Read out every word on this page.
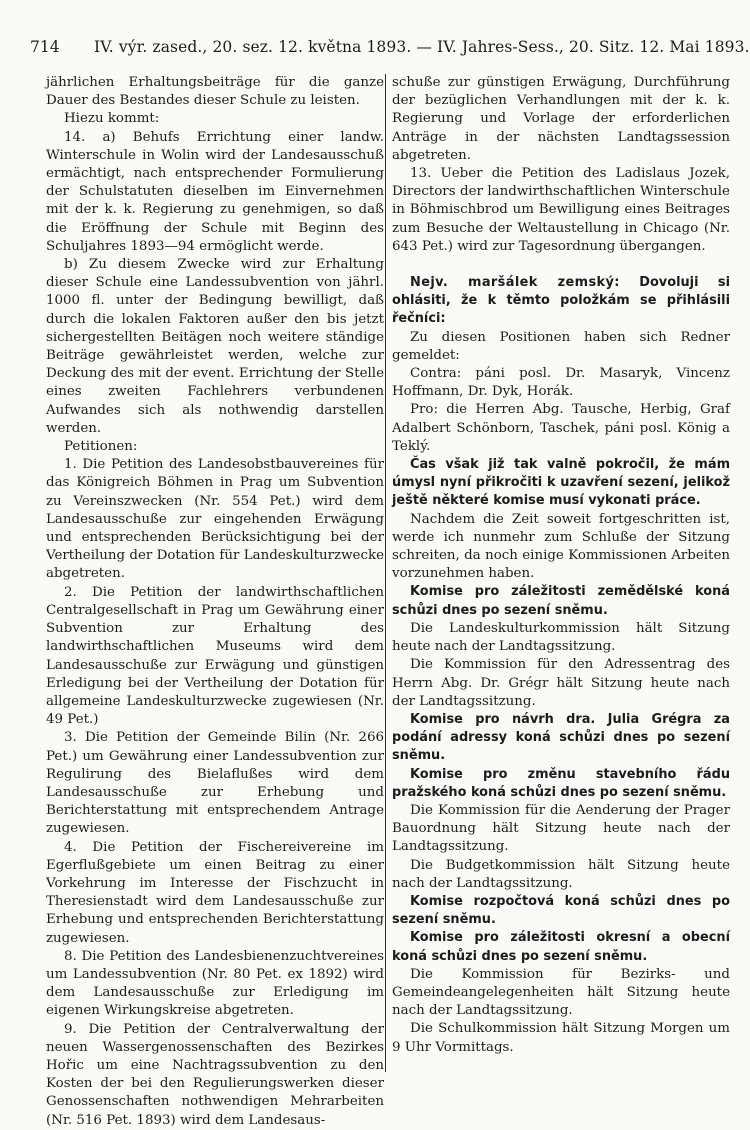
714 IV. výr. zased., 20. sez. 12. května 1893. — IV. Jahres-Sess., 20. Sitz. 12. Mai 1893.

jährlichen Erhaltungsbeiträge für die ganze Dauer des Bestandes dieser Schule zu leisten.

Hiezu kommt:

14. a) Behufs Errichtung einer landw. Winterschule in Wolin wird der Landesausschuß ermächtigt, nach entsprechender Formulierung der Schulstatuten dieselben im Einvernehmen mit der k. k. Regierung zu genehmigen, so daß die Eröffnung der Schule mit Beginn des Schuljahres 1893—94 ermöglicht werde.

b) Zu diesem Zwecke wird zur Erhaltung dieser Schule eine Landessubvention von jährl. 1000 fl. unter der Bedingung bewilligt, daß durch die lokalen Faktoren außer den bis jetzt sichergestellten Beitägen noch weitere ständige Beiträge gewährleistet werden, welche zur Deckung des mit der event. Errichtung der Stelle eines zweiten Fachlehrers verbundenen Aufwandes sich als nothwendig darstellen werden.

Petitionen:

1. Die Petition des Landesobstbauvereines für das Königreich Böhmen in Prag um Subvention zu Vereinszwecken (Nr. 554 Pet.) wird dem Landesausschuße zur eingehenden Erwägung und entsprechenden Berücksichtigung bei der Vertheilung der Dotation für Landeskulturzwecke abgetreten.

2. Die Petition der landwirthschaftlichen Centralgesellschaft in Prag um Gewährung einer Subvention zur Erhaltung des landwirthschaftlichen Museums wird dem Landesausschuße zur Erwägung und günstigen Erledigung bei der Vertheilung der Dotation für allgemeine Landeskulturzwecke zugewiesen (Nr. 49 Pet.)

3. Die Petition der Gemeinde Bilin (Nr. 266 Pet.) um Gewährung einer Landessubvention zur Regulirung des Bielaflußes wird dem Landesausschuße zur Erhebung und Berichterstattung mit entsprechendem Antrage zugewiesen.

4. Die Petition der Fischereivereine im Egerflußgebiete um einen Beitrag zu einer Vorkehrung im Interesse der Fischzucht in Theresienstadt wird dem Landesausschuße zur Erhebung und entsprechenden Berichterstattung zugewiesen.

8. Die Petition des Landesbienenzuchtvereines um Landessubvention (Nr. 80 Pet. ex 1892) wird dem Landesausschuße zur Erledigung im eigenen Wirkungskreise abgetreten.

9. Die Petition der Centralverwaltung der neuen Wassergenossenschaften des Bezirkes Hořic um eine Nachtragssubvention zu den Kosten der bei den Regulierungswerken dieser Genossenschaften nothwendigen Mehrarbeiten (Nr. 516 Pet. 1893) wird dem Landesaus-

schuße zur günstigen Erwägung, Durchführung der bezüglichen Verhandlungen mit der k. k. Regierung und Vorlage der erforderlichen Anträge in der nächsten Landtagssession abgetreten.

13. Ueber die Petition des Ladislaus Jozek, Directors der landwirthschaftlichen Winterschule in Böhmischbrod um Bewilligung eines Beitrages zum Besuche der Weltaustellung in Chicago (Nr. 643 Pet.) wird zur Tagesordnung übergangen.

Nejv. maršálek zemský: Dovoluji si ohlásiti, že k těmto položkám se přihlásili řečníci:

Zu diesen Positionen haben sich Redner gemeldet:

Contra: páni posl. Dr. Masaryk, Vincenz Hoffmann, Dr. Dyk, Horák.

Pro: die Herren Abg. Tausche, Herbig, Graf Adalbert Schönborn, Taschek, páni posl. König a Teklý.

Čas však již tak valně pokročil, že mám úmysl nyní přikročiti k uzavření sezení, jelikož ještě některé komise musí vykonati práce.

Nachdem die Zeit soweit fortgeschritten ist, werde ich nunmehr zum Schluße der Sitzung schreiten, da noch einige Kommissionen Arbeiten vorzunehmen haben.

Komise pro záležitosti zemědělské koná schůzi dnes po sezení sněmu.

Die Landeskulturkommission hält Sitzung heute nach der Landtagssitzung.

Die Kommission für den Adressentrag des Herrn Abg. Dr. Grégr hält Sitzung heute nach der Landtagssitzung.

Komise pro návrh dra. Julia Grégra za podání adressy koná schůzi dnes po sezení sněmu.

Komise pro změnu stavebního řádu pražského koná schůzi dnes po sezení sněmu.

Die Kommission für die Aenderung der Prager Bauordnung hält Sitzung heute nach der Landtagssitzung.

Die Budgetkommission hält Sitzung heute nach der Landtagssitzung.

Komise rozpočtová koná schůzi dnes po sezení sněmu.

Komise pro záležitosti okresní a obecní koná schůzi dnes po sezení sněmu.

Die Kommission für Bezirks- und Gemeindeangelegenheiten hält Sitzung heute nach der Landtagssitzung.

Die Schulkommission hält Sitzung Morgen um 9 Uhr Vormittags.
